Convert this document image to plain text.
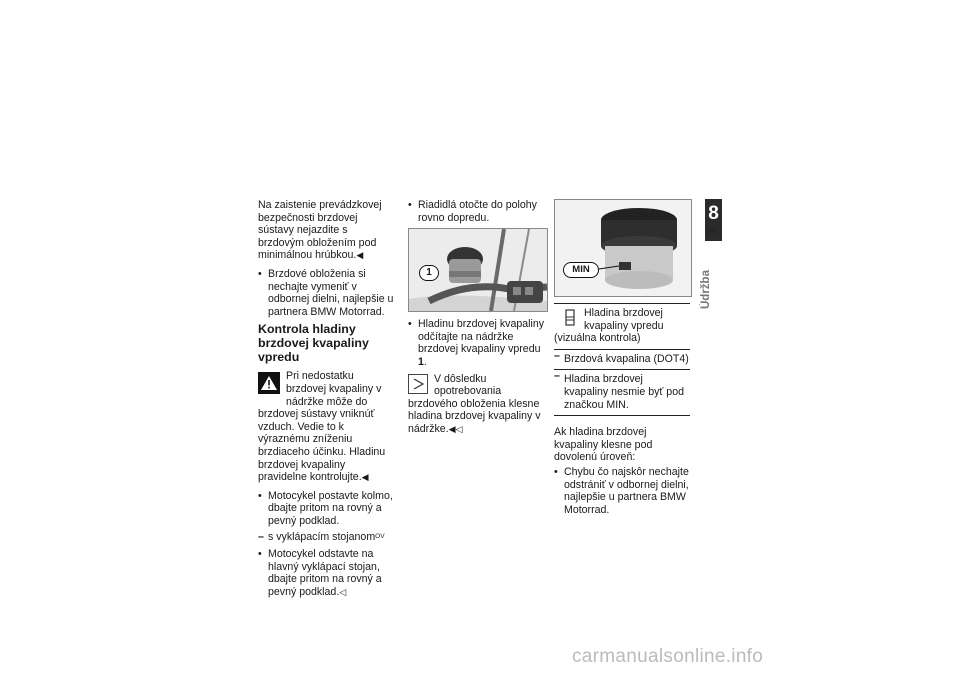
Na zaistenie prevádzkovej bezpečnosti brzdovej sústavy nejazdite s brzdovým obložením pod minimálnou hrúbkou.◀

• Brzdové obloženia si nechajte vymeniť v odbornej dielni, najlepšie u partnera BMW Motorrad.

Kontrola hladiny brzdovej kvapaliny vpredu

Pri nedostatku brzdovej kvapaliny v nádržke môže do brzdovej sústavy vniknúť vzduch. Vedie to k výraznému zníženiu brzdiaceho účinku. Hladinu brzdovej kvapaliny pravidelne kontrolujte.◀

• Motocykel postavte kolmo, dbajte pritom na rovný a pevný podklad.

– s vyklápacím stojanom$^{OV}$

• Motocykel odstavte na hlavný vyklápací stojan, dbajte pritom na rovný a pevný podklad.◁

• Riadidlá otočte do polohy rovno dopredu.

1

• Hladinu brzdovej kvapaliny odčítajte na nádržke brzdovej kvapaliny vpredu 1.

V dôsledku opotrebovania brzdového obloženia klesne hladina brzdovej kvapaliny v nádržke.◀◁

MIN
Hladina brzdovej kvapaliny vpredu (vizuálna kontrola)
– Brzdová kvapalina (DOT4)
– Hladina brzdovej kvapaliny nesmie byť pod značkou MIN.

Ak hladina brzdovej kvapaliny klesne pod dovolenú úroveň:

• Chybu čo najskôr nechajte odstrániť v odbornej dielni, najlepšie u partnera BMW Motorrad.

8
85
Údržba
carmanualsonline.info
